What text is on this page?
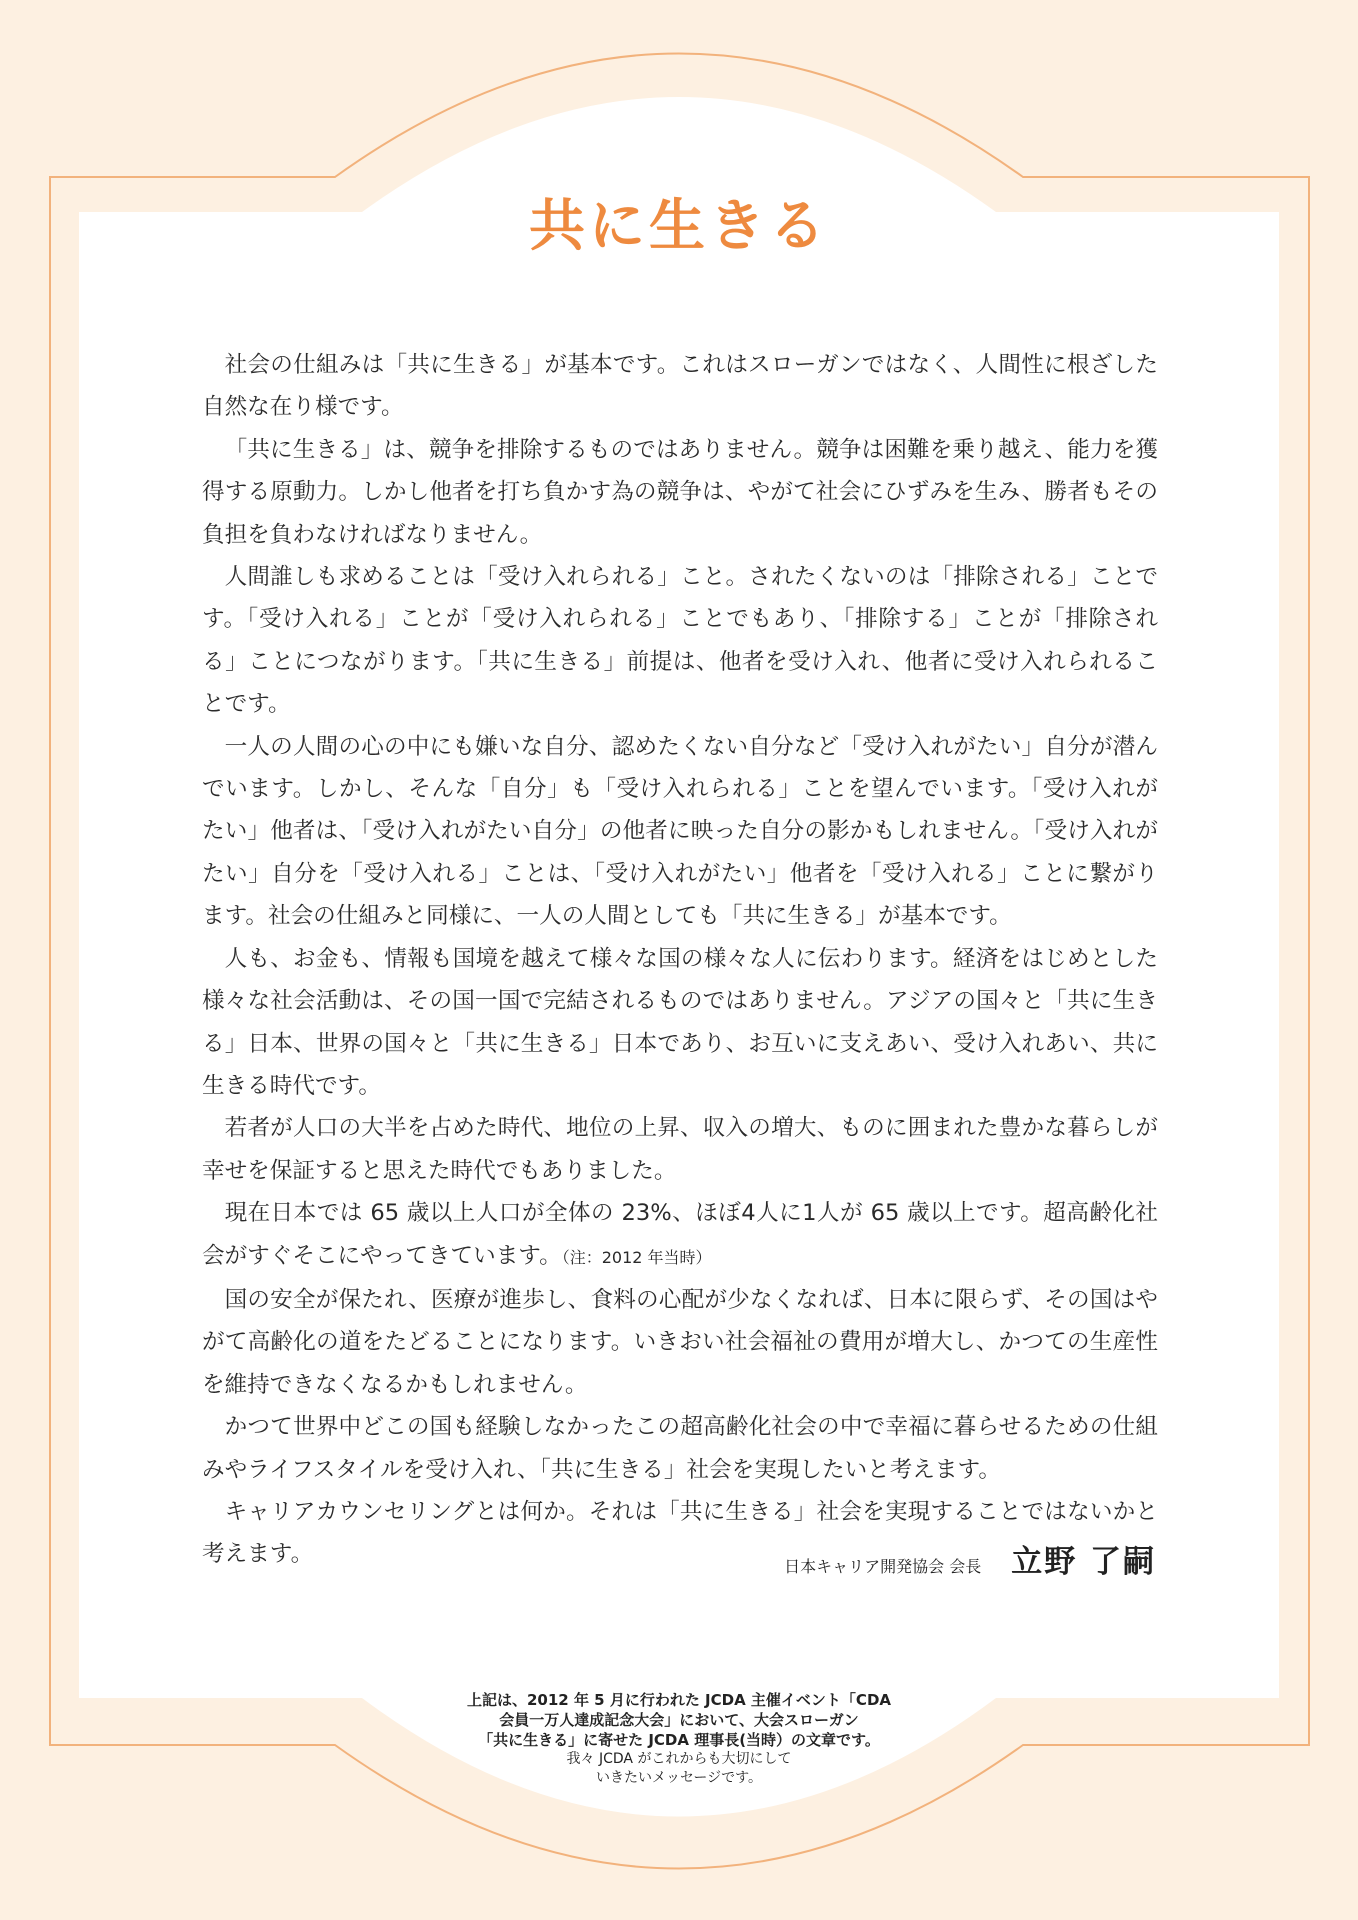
共に生きる

社会の仕組みは「共に生きる」が基本です。これはスローガンではなく、人間性に根ざした自然な在り様です。

「共に生きる」は、競争を排除するものではありません。競争は困難を乗り越え、能力を獲得する原動力。しかし他者を打ち負かす為の競争は、やがて社会にひずみを生み、勝者もその負担を負わなければなりません。

人間誰しも求めることは「受け入れられる」こと。されたくないのは「排除される」ことです。「受け入れる」ことが「受け入れられる」ことでもあり、「排除する」ことが「排除される」ことにつながります。「共に生きる」前提は、他者を受け入れ、他者に受け入れられることです。

一人の人間の心の中にも嫌いな自分、認めたくない自分など「受け入れがたい」自分が潜んでいます。しかし、そんな「自分」も「受け入れられる」ことを望んでいます。「受け入れがたい」他者は、「受け入れがたい自分」の他者に映った自分の影かもしれません。「受け入れがたい」自分を「受け入れる」ことは、「受け入れがたい」他者を「受け入れる」ことに繋がります。社会の仕組みと同様に、一人の人間としても「共に生きる」が基本です。

人も、お金も、情報も国境を越えて様々な国の様々な人に伝わります。経済をはじめとした様々な社会活動は、その国一国で完結されるものではありません。アジアの国々と「共に生きる」日本、世界の国々と「共に生きる」日本であり、お互いに支えあい、受け入れあい、共に生きる時代です。

若者が人口の大半を占めた時代、地位の上昇、収入の増大、ものに囲まれた豊かな暮らしが幸せを保証すると思えた時代でもありました。

現在日本では 65 歳以上人口が全体の 23%、ほぼ4人に1人が 65 歳以上です。超高齢化社会がすぐそこにやってきています。（注：2012 年当時）

国の安全が保たれ、医療が進歩し、食料の心配が少なくなれば、日本に限らず、その国はやがて高齢化の道をたどることになります。いきおい社会福祉の費用が増大し、かつての生産性を維持できなくなるかもしれません。

かつて世界中どこの国も経験しなかったこの超高齢化社会の中で幸福に暮らせるための仕組みやライフスタイルを受け入れ、「共に生きる」社会を実現したいと考えます。

キャリアカウンセリングとは何か。それは「共に生きる」社会を実現することではないかと考えます。	日本キャリア開発協会 会長 立野 了嗣

上記は、2012 年 5 月に行われた JCDA 主催イベント「CDA

会員一万人達成記念大会」において、大会スローガン

「共に生きる」に寄せた JCDA 理事長(当時）の文章です。

我々 JCDA がこれからも大切にして

いきたいメッセージです。
